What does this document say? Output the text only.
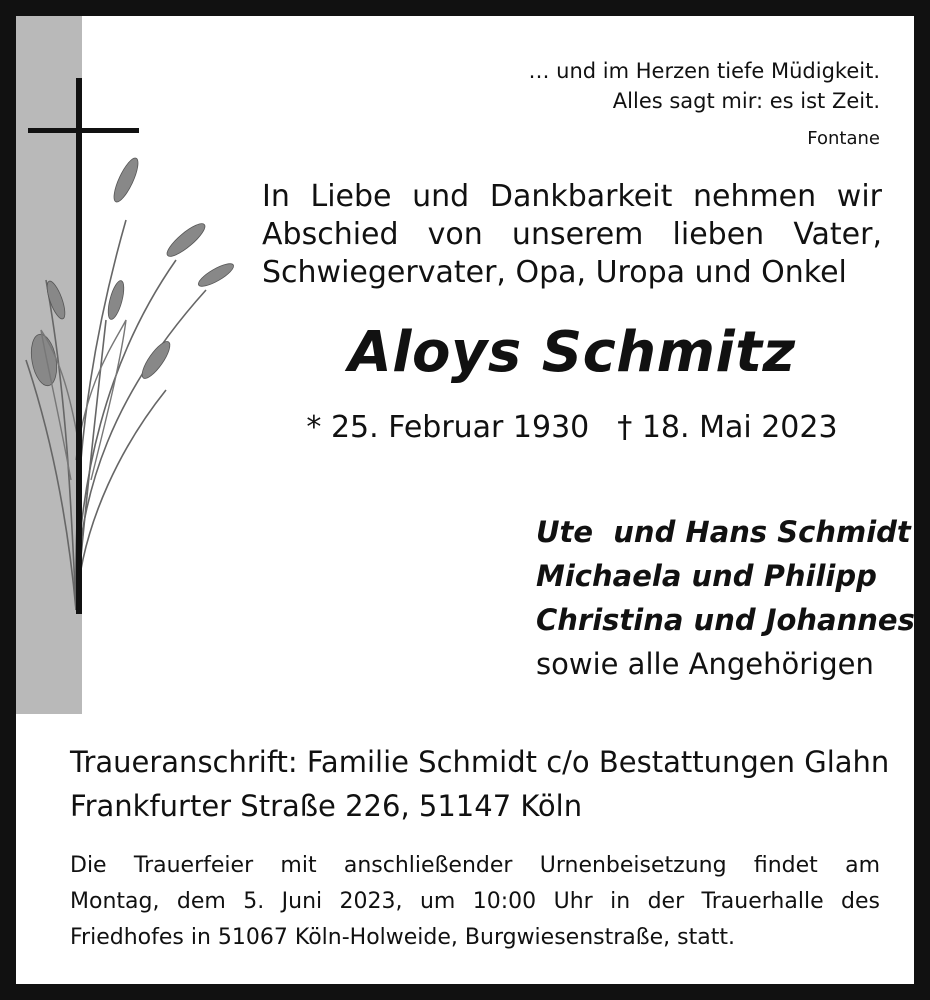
… und im Herzen tiefe Müdigkeit.
Alles sagt mir: es ist Zeit.
Fontane
In Liebe und Dankbarkeit nehmen wir
Abschied von unserem lieben Vater,
Schwiegervater, Opa, Uropa und Onkel
Aloys Schmitz
* 25. Februar 1930 † 18. Mai 2023
Ute  und Hans Schmidt
Michaela und Philipp
Christina und Johannes
sowie alle Angehörigen
Traueranschrift: Familie Schmidt c/o Bestattungen Glahn
Frankfurter Straße 226, 51147 Köln
Die Trauerfeier mit anschließender Urnenbeisetzung findet am
Montag, dem 5. Juni 2023, um 10:00 Uhr in der Trauerhalle des
Friedhofes in 51067 Köln-Holweide, Burgwiesenstraße, statt.
